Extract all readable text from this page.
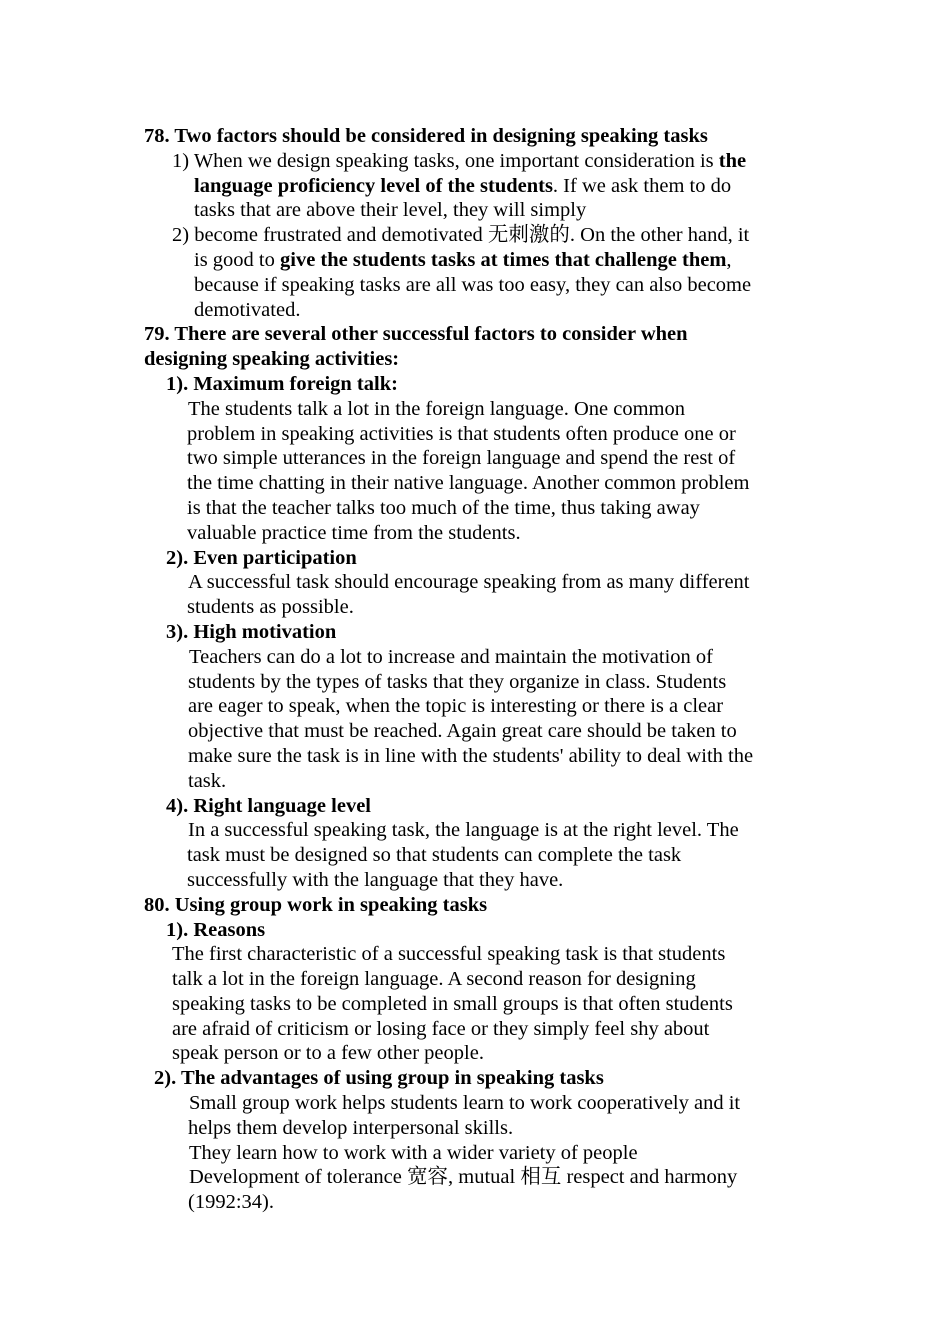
78. Two factors should be considered in designing speaking tasks
1) When we design speaking tasks, one important consideration is the
language proficiency level of the students. If we ask them to do
tasks that are above their level, they will simply
2) become frustrated and demotivated 无刺激的. On the other hand, it
is good to give the students tasks at times that challenge them,
because if speaking tasks are all was too easy, they can also become
demotivated.
79. There are several other successful factors to consider when
designing speaking activities:
1). Maximum foreign talk:
The students talk a lot in the foreign language. One common
problem in speaking activities is that students often produce one or
two simple utterances in the foreign language and spend the rest of
the time chatting in their native language. Another common problem
is that the teacher talks too much of the time, thus taking away
valuable practice time from the students.
2). Even participation
A successful task should encourage speaking from as many different
students as possible.
3). High motivation
Teachers can do a lot to increase and maintain the motivation of
students by the types of tasks that they organize in class. Students
are eager to speak, when the topic is interesting or there is a clear
objective that must be reached. Again great care should be taken to
make sure the task is in line with the students' ability to deal with the
task.
4). Right language level
In a successful speaking task, the language is at the right level. The
task must be designed so that students can complete the task
successfully with the language that they have.
80. Using group work in speaking tasks
1). Reasons
The first characteristic of a successful speaking task is that students
talk a lot in the foreign language. A second reason for designing
speaking tasks to be completed in small groups is that often students
are afraid of criticism or losing face or they simply feel shy about
speak person or to a few other people.
2). The advantages of using group in speaking tasks
Small group work helps students learn to work cooperatively and it
helps them develop interpersonal skills.
They learn how to work with a wider variety of people
Development of tolerance 宽容, mutual 相互 respect and harmony
(1992:34).
